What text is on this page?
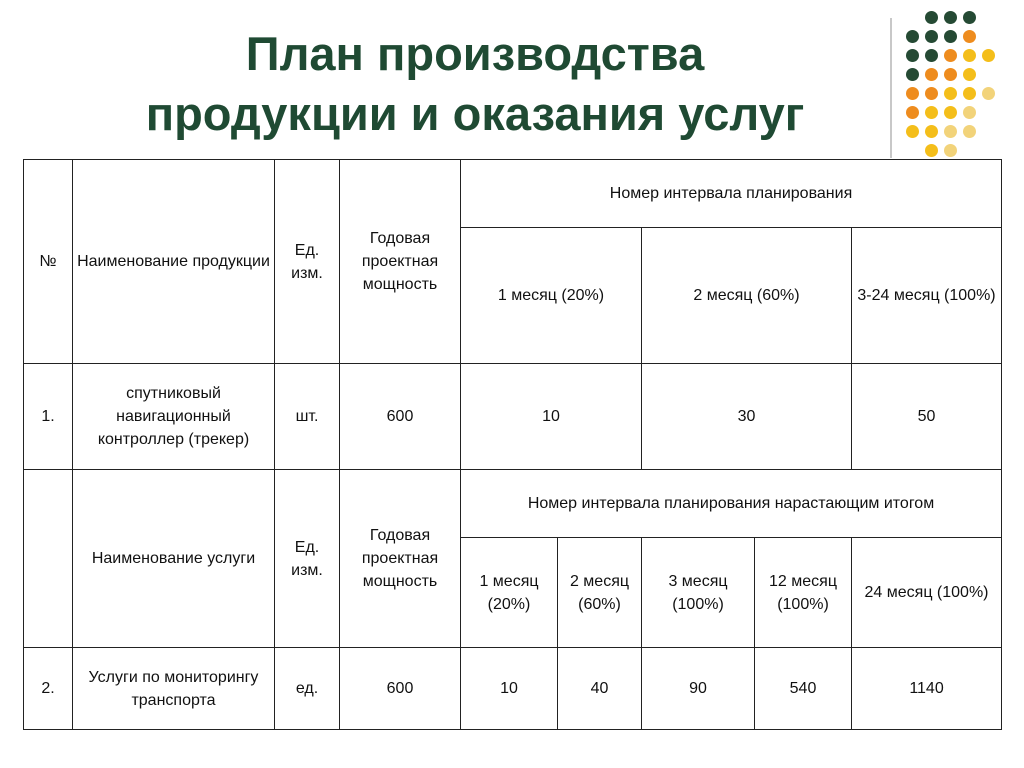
План производства
продукции и оказания услуг
№	Наименование продукции	Ед. изм.	Годовая проектная мощность	Номер интервала планирования				
				1 месяц (20%)		2 месяц (60%)		3-24 месяц (100%)
1.	спутниковый навигационный контроллер (трекер)	шт.	600	10		30		50
	Наименование услуги	Ед. изм.	Годовая проектная мощность	Номер интервала планирования нарастающим итогом				
				1 месяц (20%)	2 месяц (60%)	3 месяц (100%)	12 месяц (100%)	24 месяц (100%)
2.	Услуги по мониторингу транспорта	ед.	600	10	40	90	540	1140
